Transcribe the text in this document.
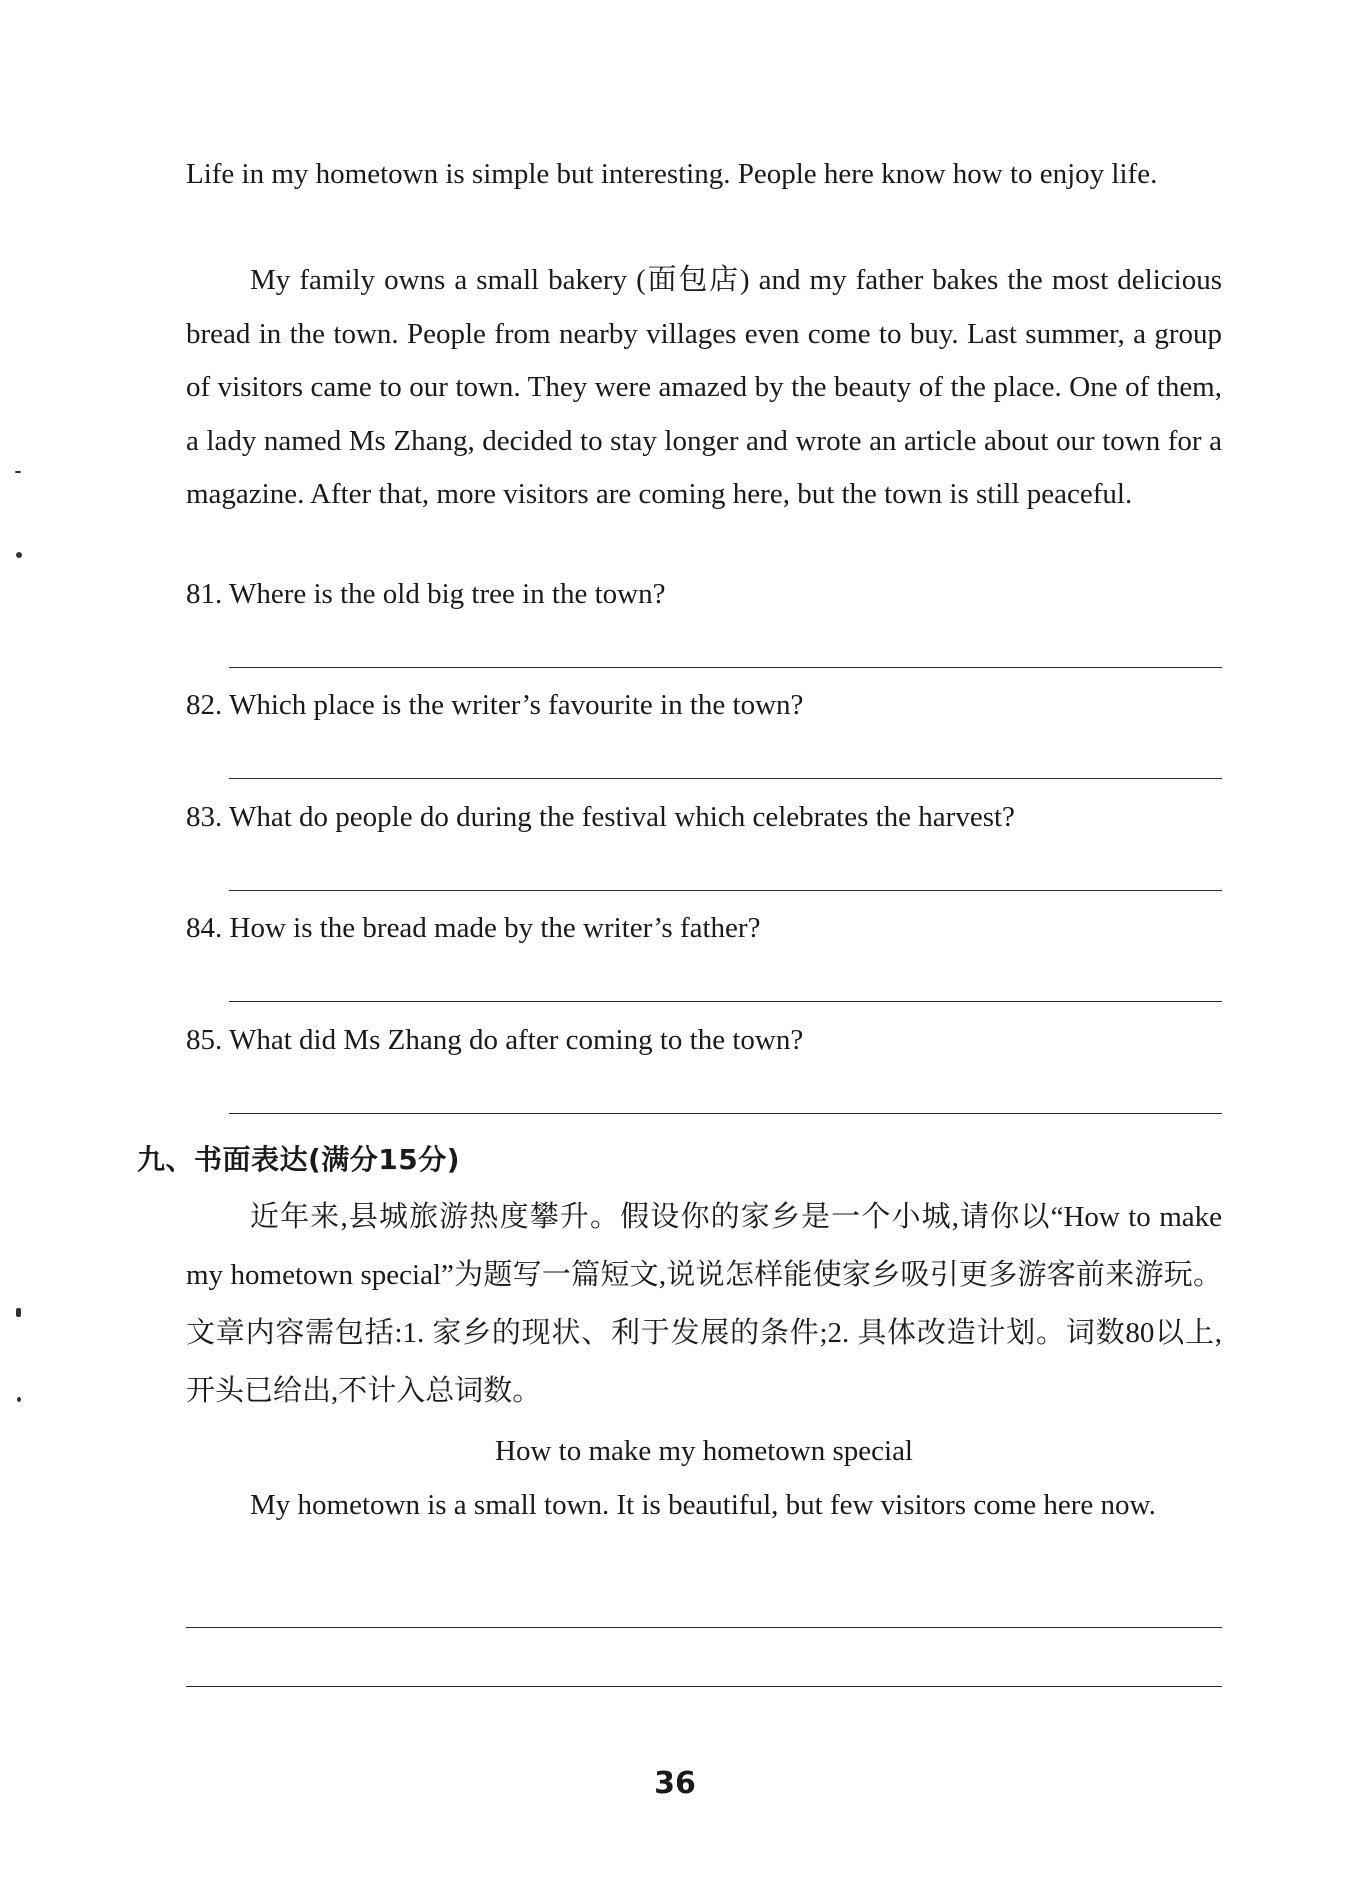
Life in my hometown is simple but interesting. People here know how to enjoy life.

My family owns a small bakery (面包店) and my father bakes the most delicious bread in the town. People from nearby villages even come to buy. Last summer, a group of visitors came to our town. They were amazed by the beauty of the place. One of them, a lady named Ms Zhang, decided to stay longer and wrote an article about our town for a magazine. After that, more visitors are coming here, but the town is still peaceful.

81. Where is the old big tree in the town?

82. Which place is the writer’s favourite in the town?

83. What do people do during the festival which celebrates the harvest?

84. How is the bread made by the writer’s father?

85. What did Ms Zhang do after coming to the town?

九、书面表达(满分15分)

近年来,县城旅游热度攀升。假设你的家乡是一个小城,请你以“How to make my hometown special”为题写一篇短文,说说怎样能使家乡吸引更多游客前来游玩。文章内容需包括:1. 家乡的现状、利于发展的条件;2. 具体改造计划。词数80以上,开头已给出,不计入总词数。

How to make my hometown special

My hometown is a small town. It is beautiful, but few visitors come here now.

36
